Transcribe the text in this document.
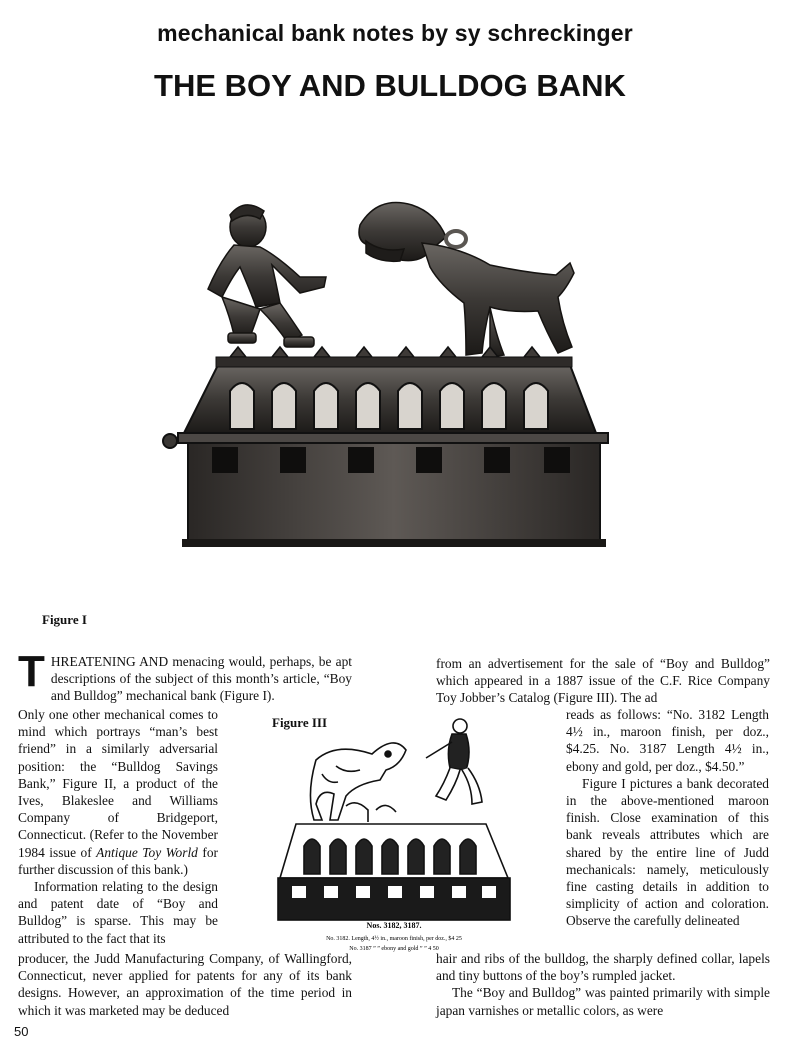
mechanical bank notes by sy schreckinger
THE BOY AND BULLDOG BANK
Figure I

THREATENING AND menacing would, perhaps, be apt descriptions of the subject of this month’s article, “Boy and Bulldog” mechanical bank (Figure I).

Only one other mechanical comes to mind which portrays “man’s best friend” in a similarly adversarial position: the “Bulldog Savings Bank,” Figure II, a product of the Ives, Blakeslee and Williams Company of Bridgeport, Connecticut. (Refer to the November 1984 issue of Antique Toy World for further discussion of this bank.)

Information relating to the design and patent date of “Boy and Bulldog” is sparse. This may be attributed to the fact that its

Figure III
Nos. 3182, 3187.
No. 3182. Length, 4½ in., maroon finish, per doz., $4 25
No. 3187 ” ” ebony and gold ” ” 4 50
producer, the Judd Manufacturing Company, of Wallingford, Connecticut, never applied for patents for any of its bank designs. However, an approximation of the time period in which it was marketed may be deduced
from an advertisement for the sale of “Boy and Bulldog” which appeared in a 1887 issue of the C.F. Rice Company Toy Jobber’s Catalog (Figure III). The ad

reads as follows: “No. 3182 Length 4½ in., maroon finish, per doz., $4.25. No. 3187 Length 4½ in., ebony and gold, per doz., $4.50.”

Figure I pictures a bank decorated in the above-mentioned maroon finish. Close examination of this bank reveals attributes which are shared by the entire line of Judd mechanicals: namely, meticulously fine casting details in addition to simplicity of action and coloration. Observe the carefully delineated

hair and ribs of the bulldog, the sharply defined collar, lapels and tiny buttons of the boy’s rumpled jacket.

The “Boy and Bulldog” was painted primarily with simple japan varnishes or metallic colors, as were

50
